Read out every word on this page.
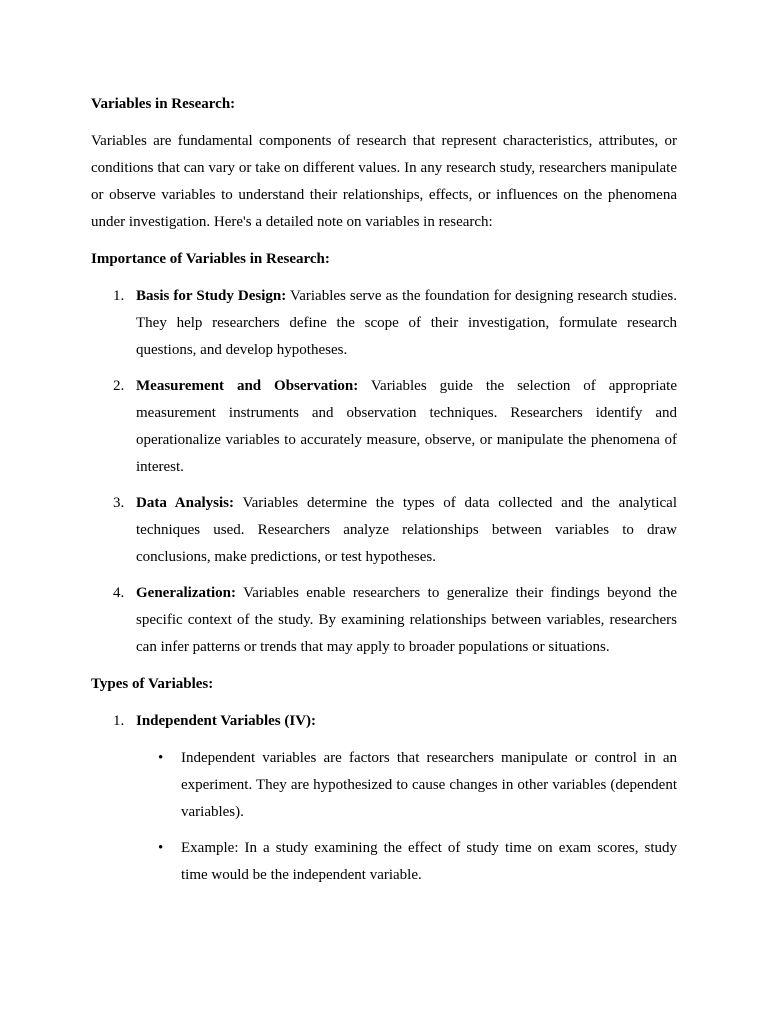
Variables in Research:

Variables are fundamental components of research that represent characteristics, attributes, or conditions that can vary or take on different values. In any research study, researchers manipulate or observe variables to understand their relationships, effects, or influences on the phenomena under investigation. Here's a detailed note on variables in research:

Importance of Variables in Research:

1. Basis for Study Design: Variables serve as the foundation for designing research studies. They help researchers define the scope of their investigation, formulate research questions, and develop hypotheses.
2. Measurement and Observation: Variables guide the selection of appropriate measurement instruments and observation techniques. Researchers identify and operationalize variables to accurately measure, observe, or manipulate the phenomena of interest.
3. Data Analysis: Variables determine the types of data collected and the analytical techniques used. Researchers analyze relationships between variables to draw conclusions, make predictions, or test hypotheses.
4. Generalization: Variables enable researchers to generalize their findings beyond the specific context of the study. By examining relationships between variables, researchers can infer patterns or trends that may apply to broader populations or situations.

Types of Variables:

1. Independent Variables (IV):
• Independent variables are factors that researchers manipulate or control in an experiment. They are hypothesized to cause changes in other variables (dependent variables).
• Example: In a study examining the effect of study time on exam scores, study time would be the independent variable.
